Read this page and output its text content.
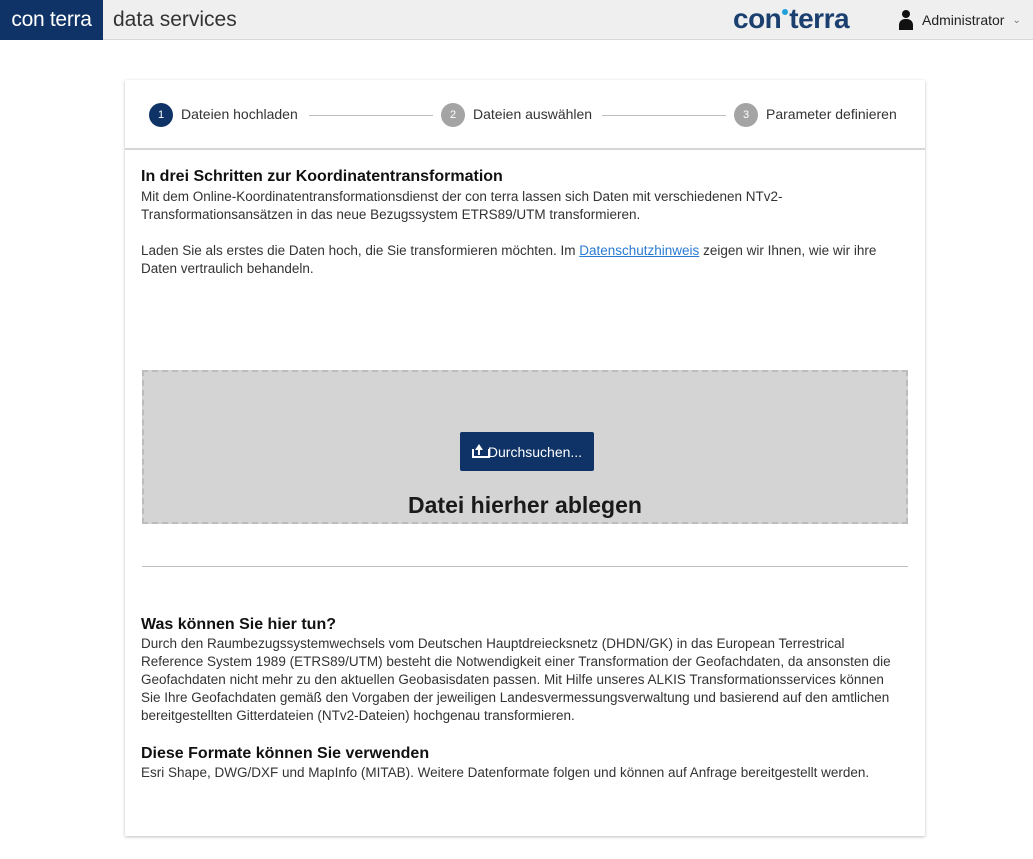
con terra	data services	con terra	Administrator ⌄
1	Dateien hochladen	2	Dateien auswählen	3	Parameter definieren
In drei Schritten zur Koordinatentransformation

Mit dem Online-Koordinatentransformationsdienst der con terra lassen sich Daten mit verschiedenen NTv2-Transformationsansätzen in das neue Bezugssystem ETRS89/UTM transformieren.

Laden Sie als erstes die Daten hoch, die Sie transformieren möchten. Im Datenschutzhinweis zeigen wir Ihnen, wie wir ihre Daten vertraulich behandeln.

Durchsuchen...
Datei hierher ablegen
Was können Sie hier tun?

Durch den Raumbezugssystemwechsels vom Deutschen Hauptdreiecksnetz (DHDN/GK) in das European Terrestrical Reference System 1989 (ETRS89/UTM) besteht die Notwendigkeit einer Transformation der Geofachdaten, da ansonsten die Geofachdaten nicht mehr zu den aktuellen Geobasisdaten passen. Mit Hilfe unseres ALKIS Transformationsservices können Sie Ihre Geofachdaten gemäß den Vorgaben der jeweiligen Landesvermessungsverwaltung und basierend auf den amtlichen bereitgestellten Gitterdateien (NTv2-Dateien) hochgenau transformieren.

Diese Formate können Sie verwenden

Esri Shape, DWG/DXF und MapInfo (MITAB). Weitere Datenformate folgen und können auf Anfrage bereitgestellt werden.
